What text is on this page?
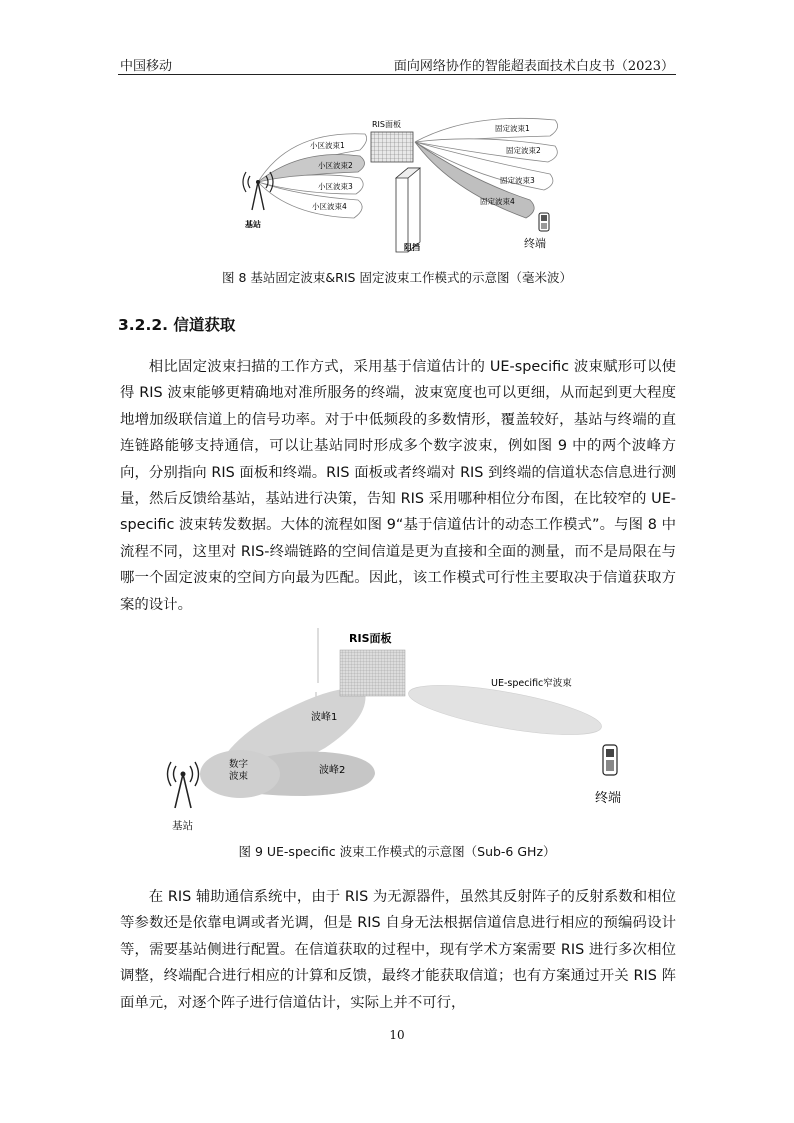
中国移动	面向网络协作的智能超表面技术白皮书（2023）
RIS面板
小区波束1
小区波束2
小区波束3
小区波束4
固定波束1
固定波束2
固定波束3
固定波束4
基站
阻挡	终端
图 8 基站固定波束&RIS 固定波束工作模式的示意图（毫米波）
3.2.2. 信道获取

相比固定波束扫描的工作方式，采用基于信道估计的 UE-specific 波束赋形可以使得 RIS 波束能够更精确地对准所服务的终端，波束宽度也可以更细，从而起到更大程度地增加级联信道上的信号功率。对于中低频段的多数情形，覆盖较好，基站与终端的直连链路能够支持通信，可以让基站同时形成多个数字波束，例如图 9 中的两个波峰方向，分别指向 RIS 面板和终端。RIS 面板或者终端对 RIS 到终端的信道状态信息进行测量，然后反馈给基站，基站进行决策，告知 RIS 采用哪种相位分布图，在比较窄的 UE-specific 波束转发数据。大体的流程如图 9“基于信道估计的动态工作模式”。与图 8 中流程不同，这里对 RIS-终端链路的空间信道是更为直接和全面的测量，而不是局限在与哪一个固定波束的空间方向最为匹配。因此，该工作模式可行性主要取决于信道获取方案的设计。

RIS面板
UE-specific窄波束
波峰1
波峰2
数字
波束
终端
基站
图 9 UE-specific 波束工作模式的示意图（Sub-6 GHz）

在 RIS 辅助通信系统中，由于 RIS 为无源器件，虽然其反射阵子的反射系数和相位等参数还是依靠电调或者光调，但是 RIS 自身无法根据信道信息进行相应的预编码设计等，需要基站侧进行配置。在信道获取的过程中，现有学术方案需要 RIS 进行多次相位调整，终端配合进行相应的计算和反馈，最终才能获取信道；也有方案通过开关 RIS 阵面单元，对逐个阵子进行信道估计，实际上并不可行，

10
